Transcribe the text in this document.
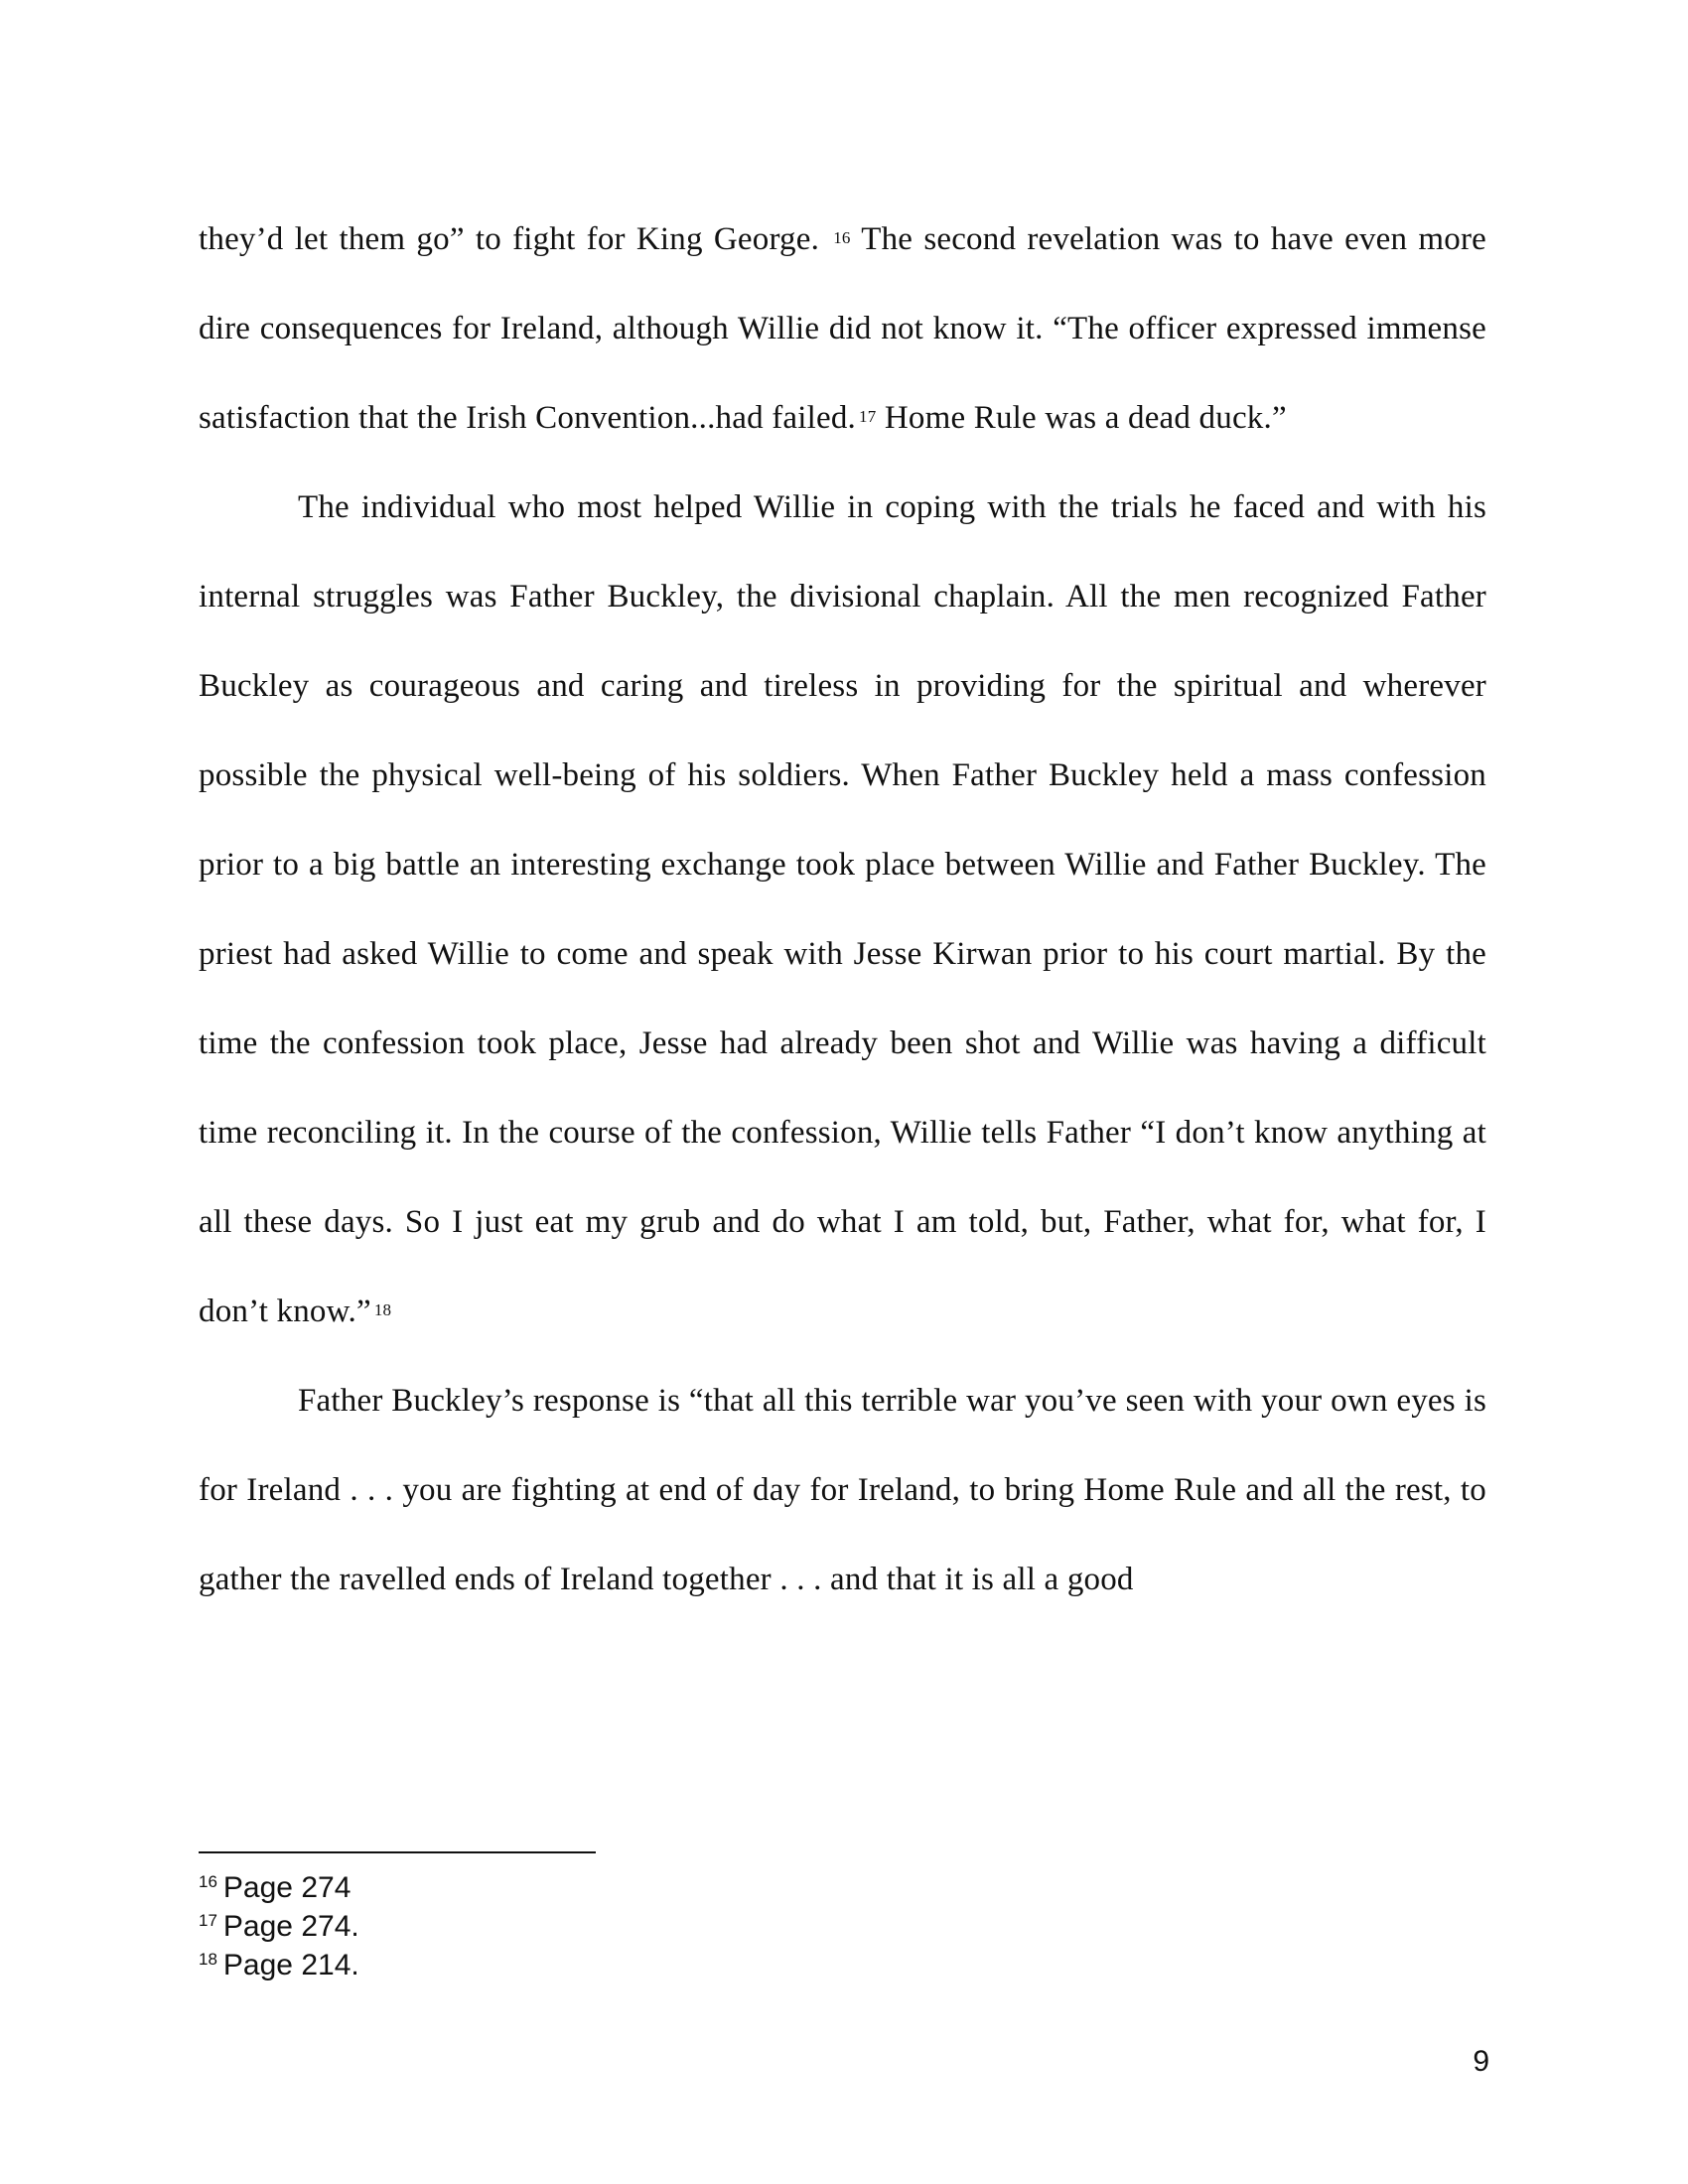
they’d let them go” to fight for King George. $^{16}$ The second revelation was to have even more dire consequences for Ireland, although Willie did not know it. “The officer expressed immense satisfaction that the Irish Convention...had failed. $^{17}$ Home Rule was a dead duck.”

The individual who most helped Willie in coping with the trials he faced and with his internal struggles was Father Buckley, the divisional chaplain. All the men recognized Father Buckley as courageous and caring and tireless in providing for the spiritual and wherever possible the physical well-being of his soldiers. When Father Buckley held a mass confession prior to a big battle an interesting exchange took place between Willie and Father Buckley. The priest had asked Willie to come and speak with Jesse Kirwan prior to his court martial. By the time the confession took place, Jesse had already been shot and Willie was having a difficult time reconciling it. In the course of the confession, Willie tells Father “I don’t know anything at all these days. So I just eat my grub and do what I am told, but, Father, what for, what for, I don’t know.” $^{18}$

Father Buckley’s response is “that all this terrible war you’ve seen with your own eyes is for Ireland . . . you are fighting at end of day for Ireland, to bring Home Rule and all the rest, to gather the ravelled ends of Ireland together . . . and that it is all a good

$^{16}$ Page 274

$^{17}$ Page 274.

$^{18}$ Page 214.

9
